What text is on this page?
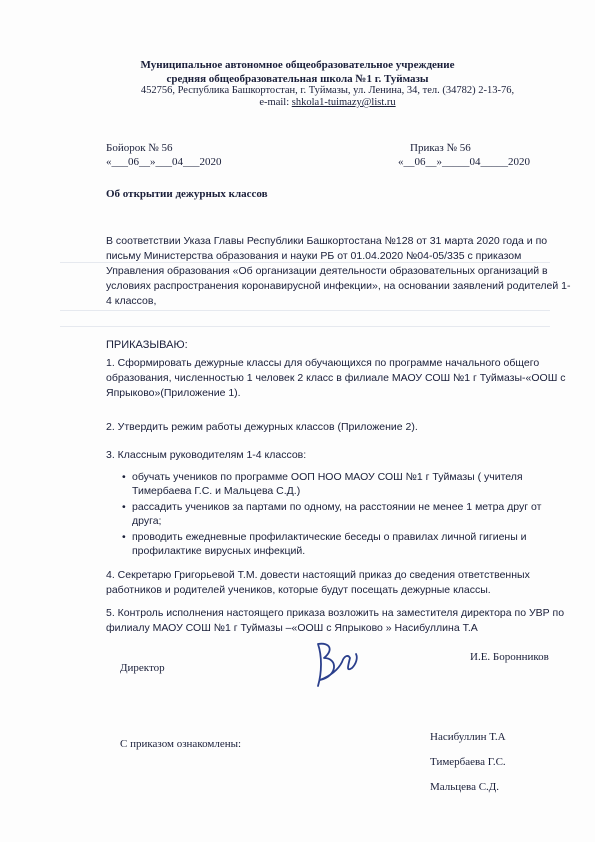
Муниципальное автономное общеобразовательное учреждение
средняя общеобразовательная школа №1 г. Туймазы
452756, Республика Башкортостан, г. Туймазы, ул. Ленина, 34, тел. (34782) 2-13-76,
e-mail: shkola1-tuimazy@list.ru
Бойорок № 56
«___06__»___04___2020
Приказ № 56
«__06__»_____04_____2020
Об открытии дежурных классов
В соответствии Указа Главы Республики Башкортостана №128 от 31 марта 2020 года и по письму Министерства образования и науки РБ от 01.04.2020 №04-05/335 с приказом Управления образования «Об организации деятельности образовательных организаций в условиях распространения коронавирусной инфекции», на основании заявлений родителей 1-4 классов,
ПРИКАЗЫВАЮ:
1. Сформировать дежурные классы для обучающихся по программе начального общего образования, численностью 1 человек 2 класс в филиале МАОУ СОШ №1 г Туймазы-«ООШ с Япрыково»(Приложение 1).
2. Утвердить режим работы дежурных классов (Приложение 2).
3. Классным руководителям 1-4 классов:
• обучать учеников по программе ООП НОО МАОУ СОШ №1 г Туймазы ( учителя Тимербаева Г.С. и Мальцева С.Д.)
• рассадить учеников за партами по одному, на расстоянии не менее 1 метра друг от друга;
• проводить ежедневные профилактические беседы о правилах личной гигиены и профилактике вирусных инфекций.
4. Секретарю Григорьевой Т.М. довести настоящий приказ до сведения ответственных работников и родителей учеников, которые будут посещать дежурные классы.
5. Контроль исполнения настоящего приказа возложить на заместителя директора по УВР по филиалу МАОУ СОШ №1 г Туймазы –«ООШ с Япрыково » Насибуллина Т.А
Директор
И.Е. Боронников
С приказом ознакомлены:
Насибуллин Т.А
Тимербаева Г.С.
Мальцева С.Д.
